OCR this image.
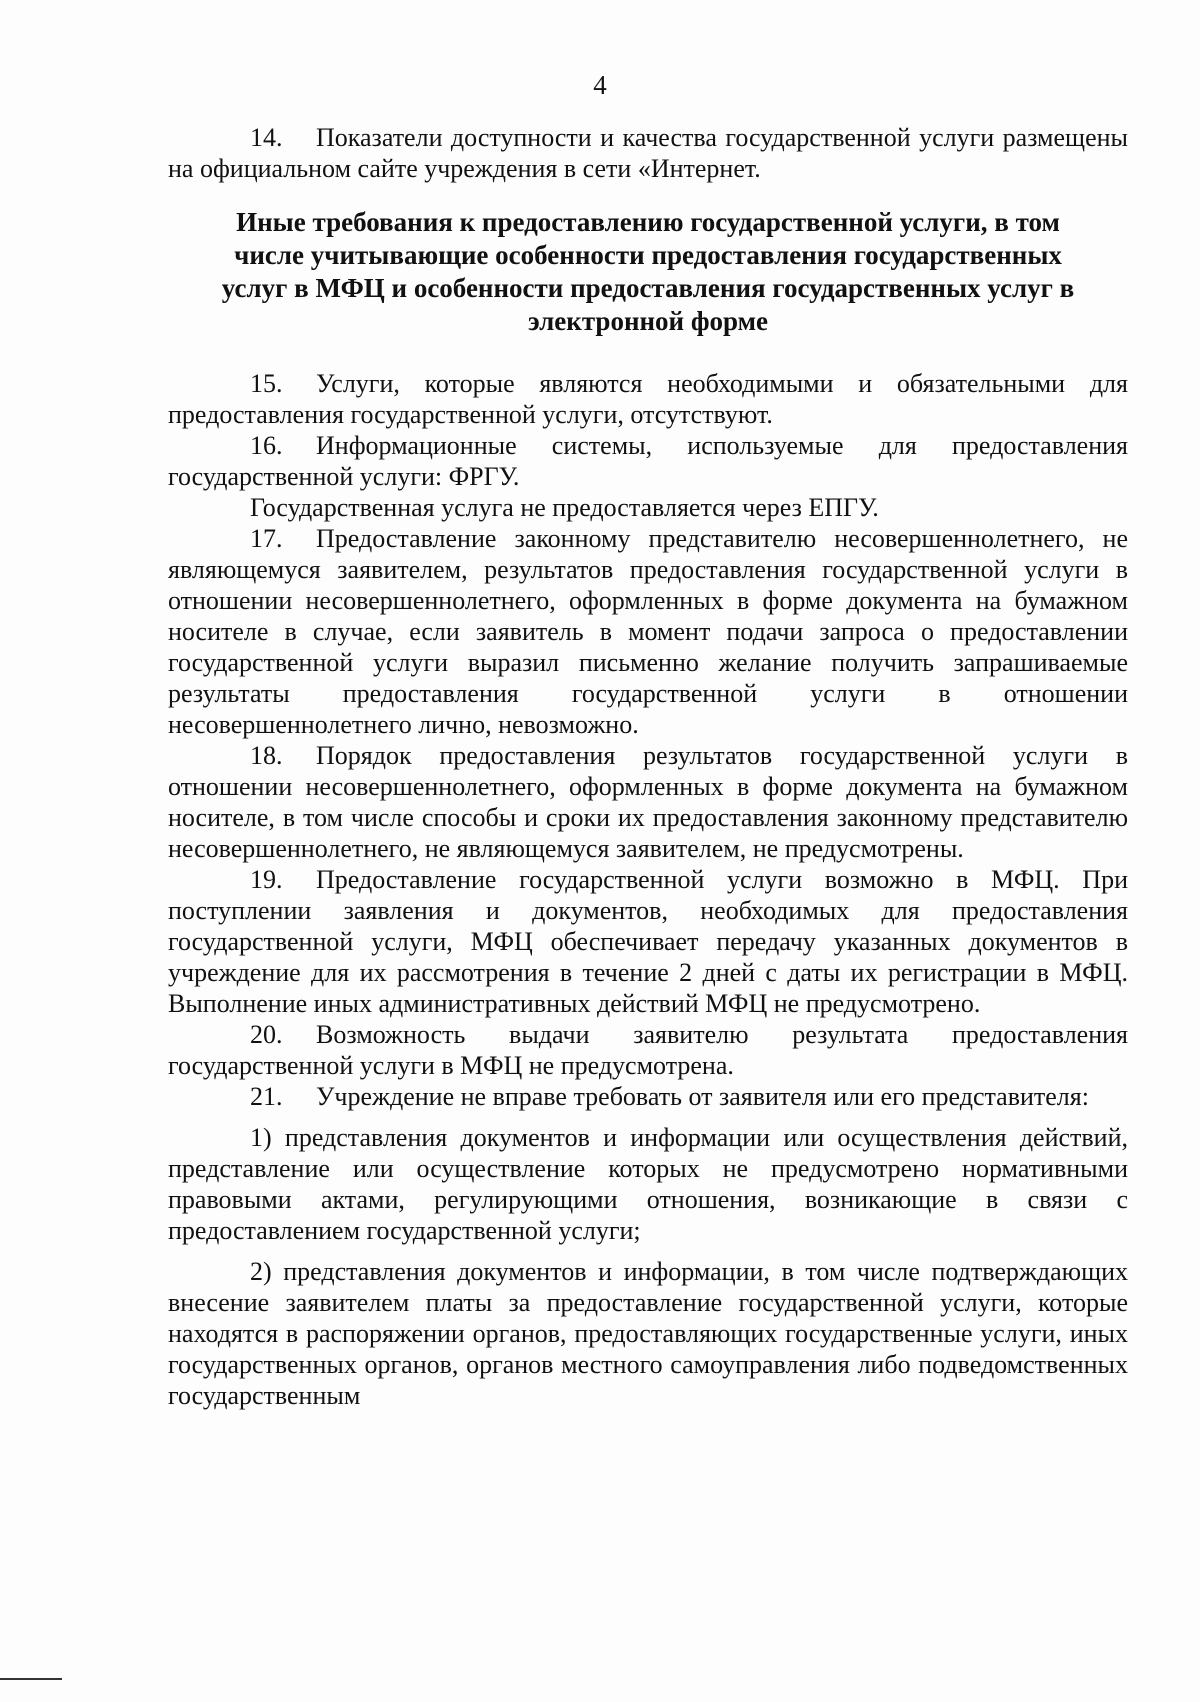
4

14. Показатели доступности и качества государственной услуги размещены на официальном сайте учреждения в сети «Интернет.

Иные требования к предоставлению государственной услуги, в том числе учитывающие особенности предоставления государственных услуг в МФЦ и особенности предоставления государственных услуг в электронной форме

15. Услуги, которые являются необходимыми и обязательными для предоставления государственной услуги, отсутствуют.

16. Информационные системы, используемые для предоставления государственной услуги: ФРГУ.

Государственная услуга не предоставляется через ЕПГУ.

17. Предоставление законному представителю несовершеннолетнего, не являющемуся заявителем, результатов предоставления государственной услуги в отношении несовершеннолетнего, оформленных в форме документа на бумажном носителе в случае, если заявитель в момент подачи запроса о предоставлении государственной услуги выразил письменно желание получить запрашиваемые результаты предоставления государственной услуги в отношении несовершеннолетнего лично, невозможно.

18. Порядок предоставления результатов государственной услуги в отношении несовершеннолетнего, оформленных в форме документа на бумажном носителе, в том числе способы и сроки их предоставления законному представителю несовершеннолетнего, не являющемуся заявителем, не предусмотрены.

19. Предоставление государственной услуги возможно в МФЦ. При поступлении заявления и документов, необходимых для предоставления государственной услуги, МФЦ обеспечивает передачу указанных документов в учреждение для их рассмотрения в течение 2 дней с даты их регистрации в МФЦ. Выполнение иных административных действий МФЦ не предусмотрено.

20. Возможность выдачи заявителю результата предоставления государственной услуги в МФЦ не предусмотрена.

21. Учреждение не вправе требовать от заявителя или его представителя:

1) представления документов и информации или осуществления действий, представление или осуществление которых не предусмотрено нормативными правовыми актами, регулирующими отношения, возникающие в связи с предоставлением государственной услуги;

2) представления документов и информации, в том числе подтверждающих внесение заявителем платы за предоставление государственной услуги, которые находятся в распоряжении органов, предоставляющих государственные услуги, иных государственных органов, органов местного самоуправления либо подведомственных государственным
